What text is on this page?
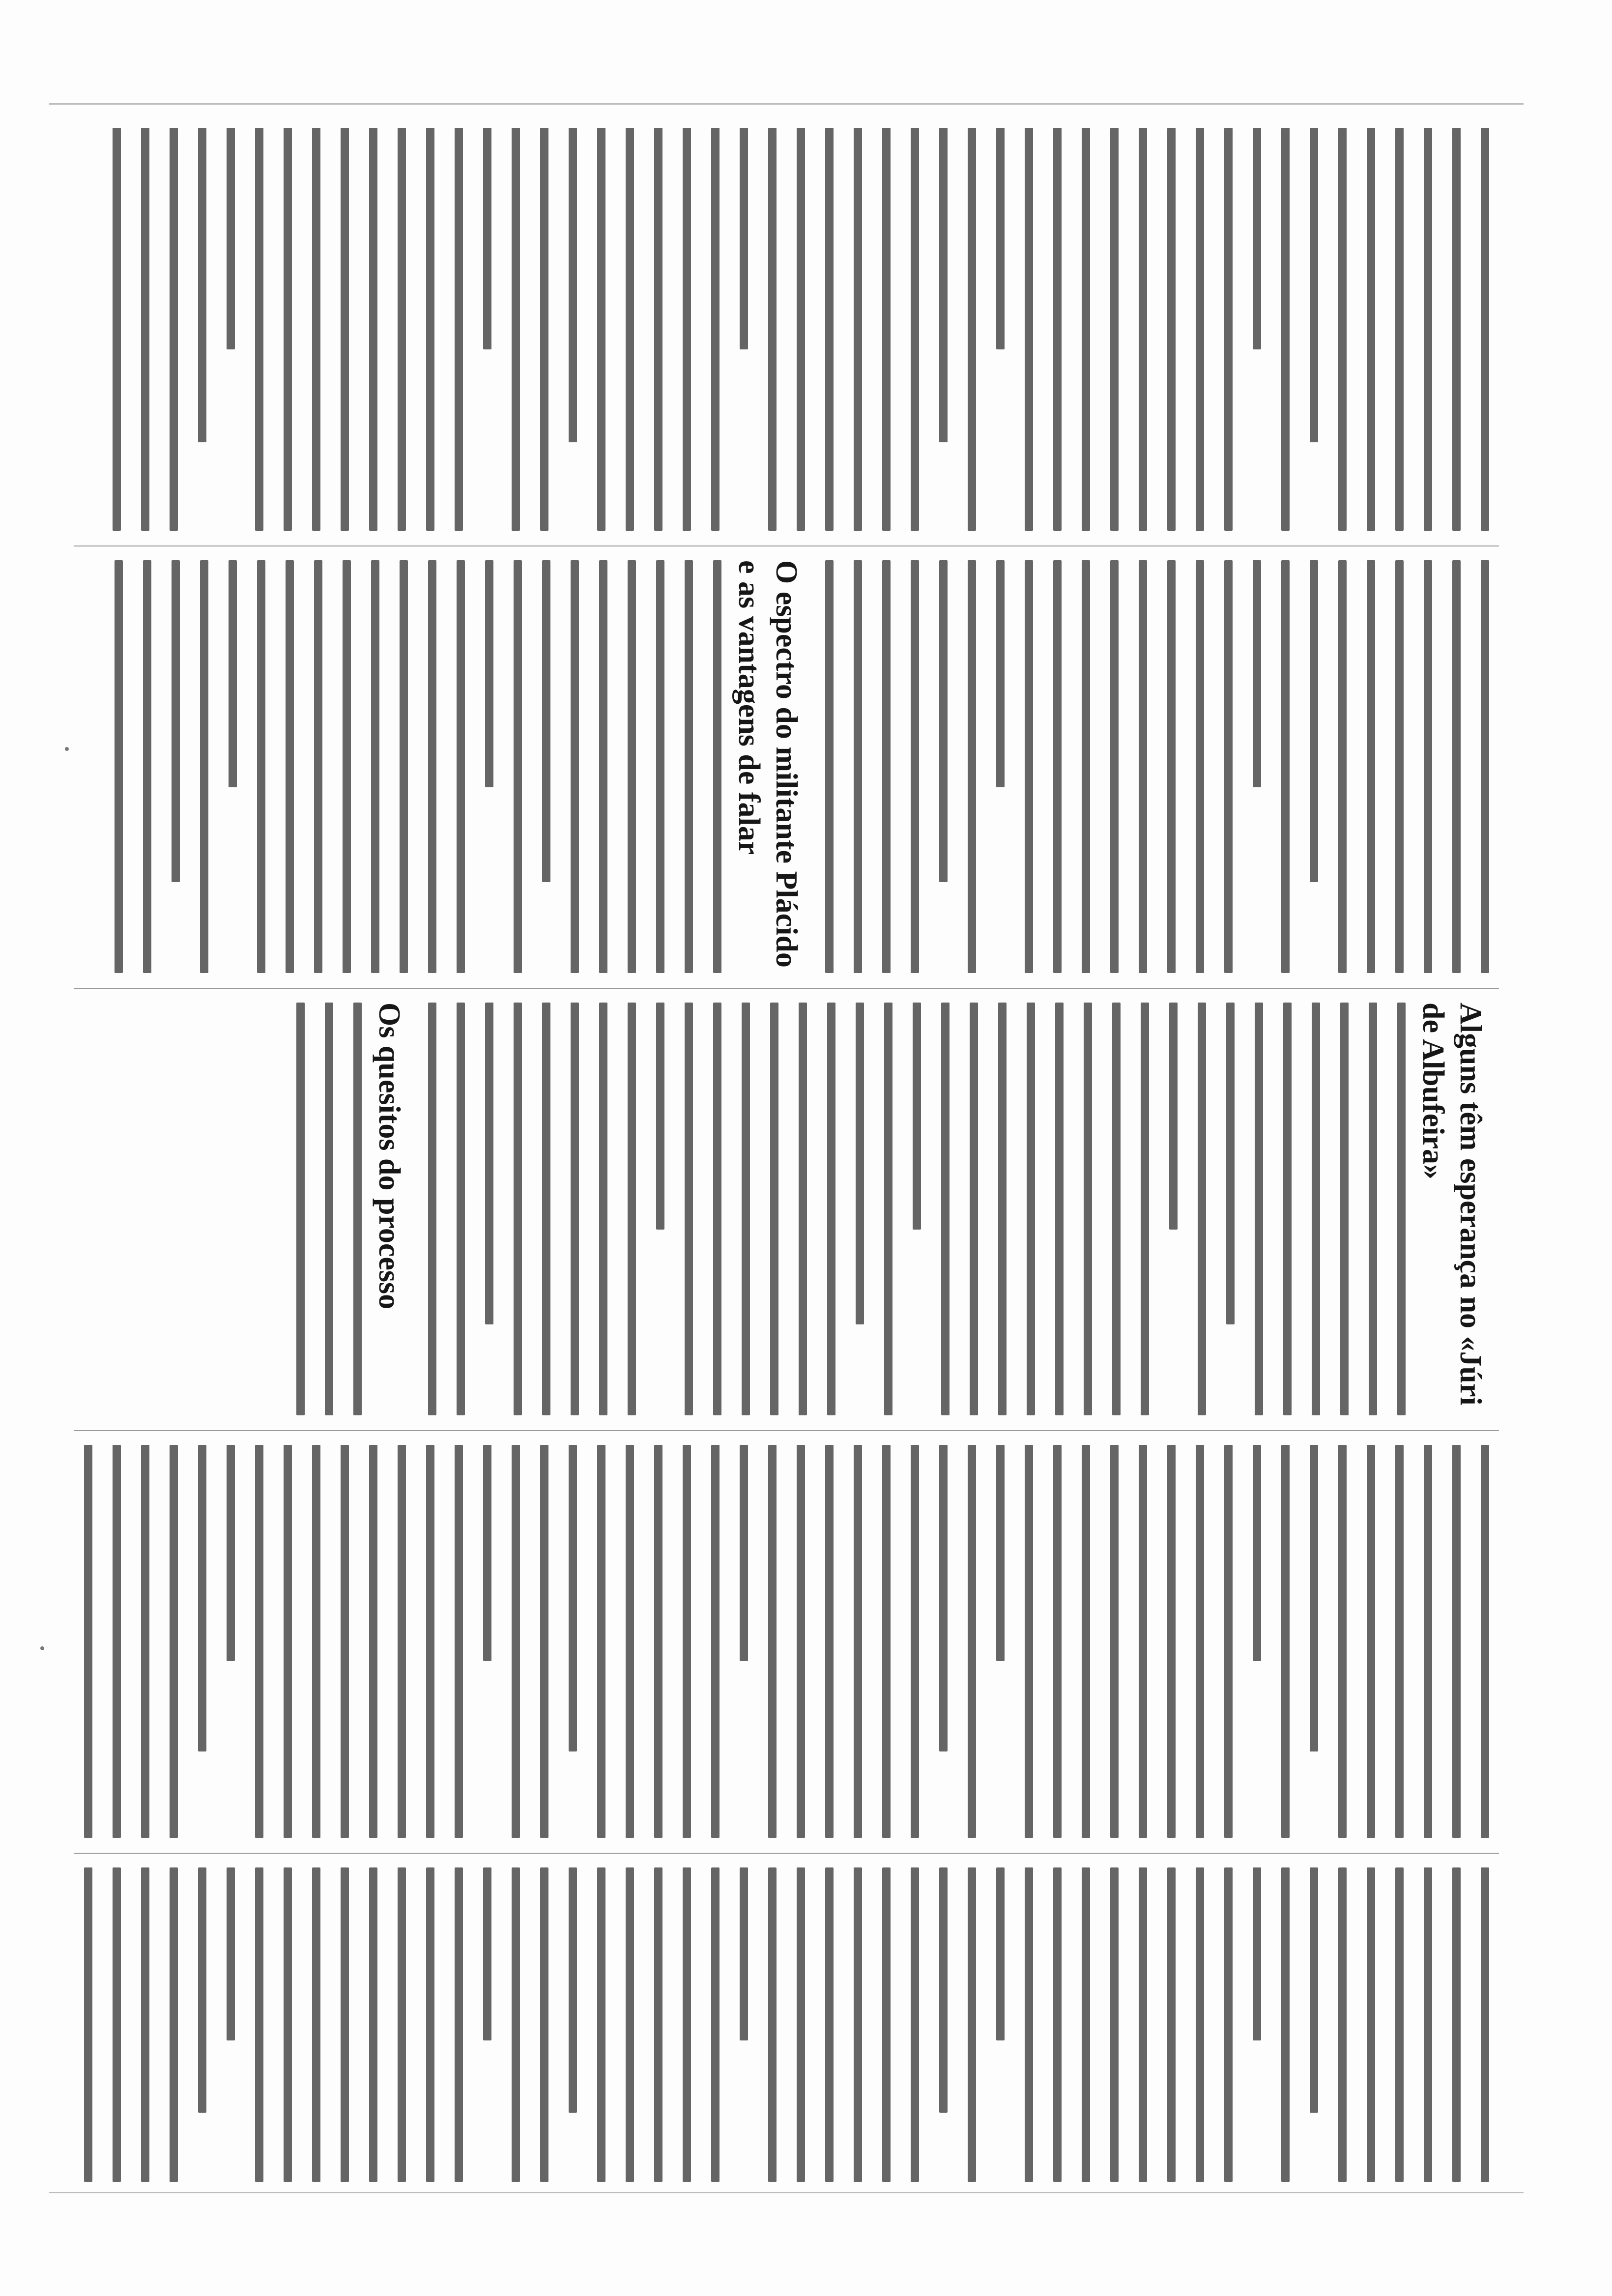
O espectro do militante Plácido e as vantagens de falar
Alguns têm esperança no «Júri de Albufeira»
Os quesitos do processo
